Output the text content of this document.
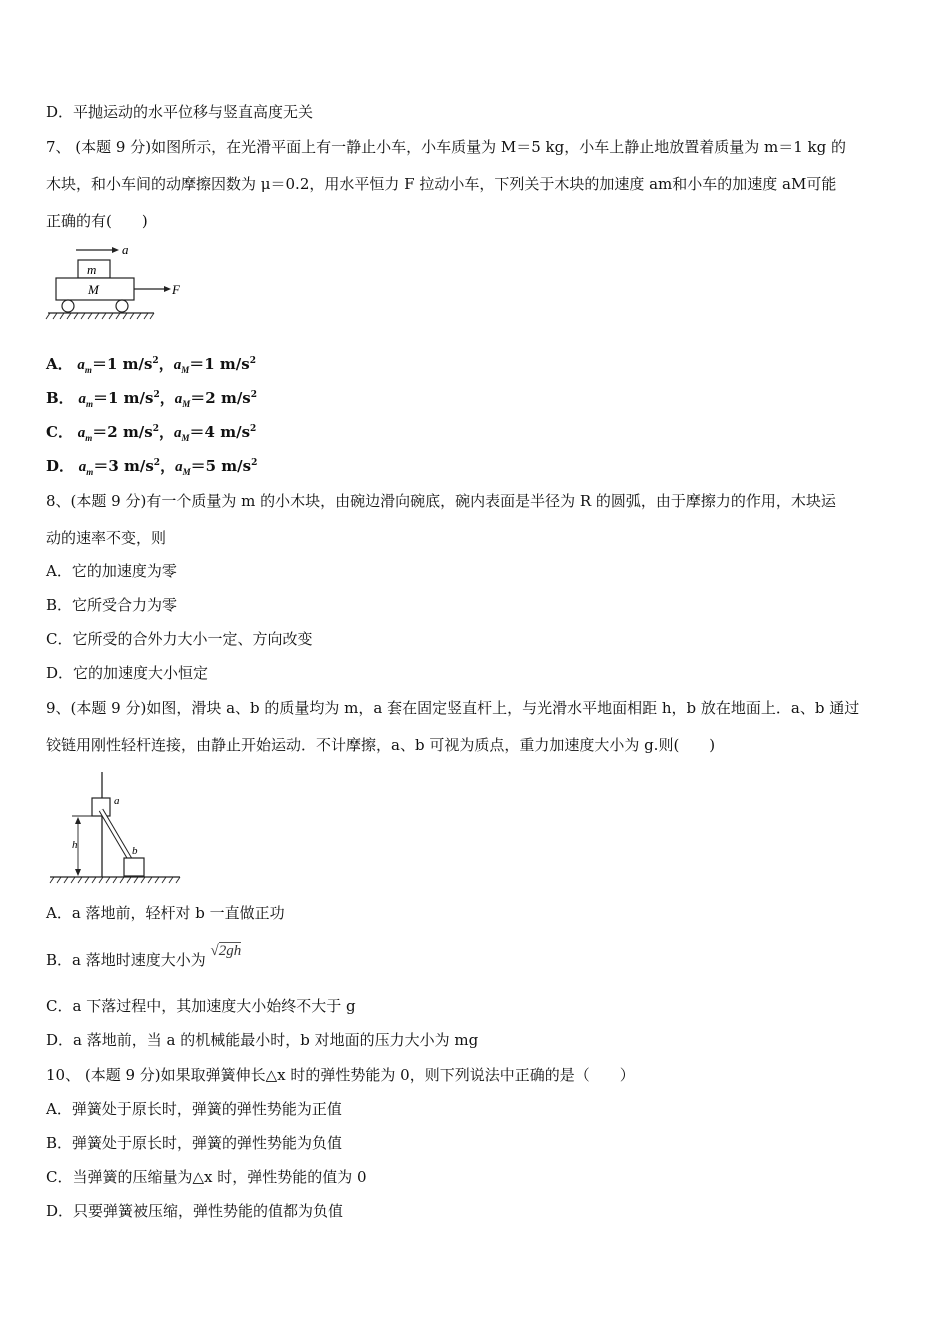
D．平抛运动的水平位移与竖直高度无关
7、 (本题 9 分)如图所示，在光滑平面上有一静止小车，小车质量为 M＝5 kg，小车上静止地放置着质量为 m＝1 kg 的
木块，和小车间的动摩擦因数为 μ＝0.2，用水平恒力 F 拉动小车，下列关于木块的加速度 am和小车的加速度 aM可能
正确的有(　　)
a
m
M	F
A． $a_m=1$ $m/s^2$，$a_M=1$ $m/s^2$
B． $a_m=1$ $m/s^2$，$a_M=2$ $m/s^2$
C． $a_m=2$ $m/s^2$，$a_M=4$ $m/s^2$
D． $a_m=3$ $m/s^2$，$a_M=5$ $m/s^2$
8、(本题 9 分)有一个质量为 m 的小木块，由碗边滑向碗底，碗内表面是半径为 R 的圆弧，由于摩擦力的作用，木块运
动的速率不变，则
A．它的加速度为零
B．它所受合力为零
C．它所受的合外力大小一定、方向改变
D．它的加速度大小恒定
9、(本题 9 分)如图，滑块 a、b 的质量均为 m，a 套在固定竖直杆上，与光滑水平地面相距 h，b 放在地面上．a、b 通过
铰链用刚性轻杆连接，由静止开始运动．不计摩擦，a、b 可视为质点，重力加速度大小为 g.则(　　)
a
b
h
A．a 落地前，轻杆对 b 一直做正功
B．a 落地时速度大小为 √2gh
C．a 下落过程中，其加速度大小始终不大于 g
D．a 落地前，当 a 的机械能最小时，b 对地面的压力大小为 mg
10、 (本题 9 分)如果取弹簧伸长△x 时的弹性势能为 0，则下列说法中正确的是（　　）
A．弹簧处于原长时，弹簧的弹性势能为正值
B．弹簧处于原长时，弹簧的弹性势能为负值
C．当弹簧的压缩量为△x 时，弹性势能的值为 0
D．只要弹簧被压缩，弹性势能的值都为负值
